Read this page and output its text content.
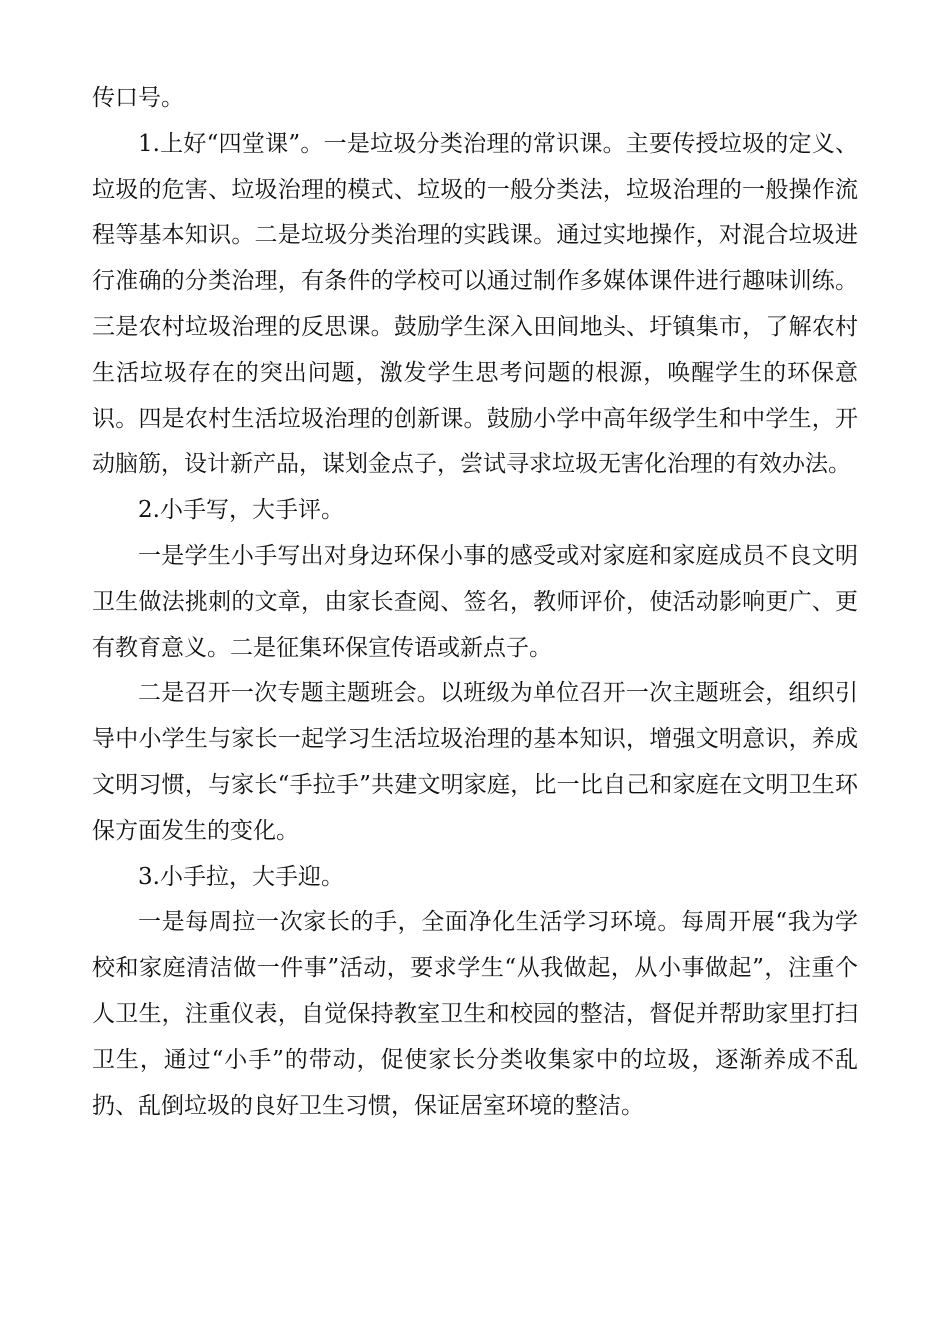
传口号。

1.上好“四堂课”。一是垃圾分类治理的常识课。主要传授垃圾的定义、垃圾的危害、垃圾治理的模式、垃圾的一般分类法，垃圾治理的一般操作流程等基本知识。二是垃圾分类治理的实践课。通过实地操作，对混合垃圾进行准确的分类治理，有条件的学校可以通过制作多媒体课件进行趣味训练。三是农村垃圾治理的反思课。鼓励学生深入田间地头、圩镇集市，了解农村生活垃圾存在的突出问题，激发学生思考问题的根源，唤醒学生的环保意识。四是农村生活垃圾治理的创新课。鼓励小学中高年级学生和中学生，开动脑筋，设计新产品，谋划金点子，尝试寻求垃圾无害化治理的有效办法。

2.小手写，大手评。

一是学生小手写出对身边环保小事的感受或对家庭和家庭成员不良文明卫生做法挑刺的文章，由家长查阅、签名，教师评价，使活动影响更广、更有教育意义。二是征集环保宣传语或新点子。

二是召开一次专题主题班会。以班级为单位召开一次主题班会，组织引导中小学生与家长一起学习生活垃圾治理的基本知识，增强文明意识，养成文明习惯，与家长“手拉手”共建文明家庭，比一比自己和家庭在文明卫生环保方面发生的变化。

3.小手拉，大手迎。

一是每周拉一次家长的手，全面净化生活学习环境。每周开展“我为学校和家庭清洁做一件事”活动，要求学生“从我做起，从小事做起”，注重个人卫生，注重仪表，自觉保持教室卫生和校园的整洁，督促并帮助家里打扫卫生，通过“小手”的带动，促使家长分类收集家中的垃圾，逐渐养成不乱扔、乱倒垃圾的良好卫生习惯，保证居室环境的整洁。
